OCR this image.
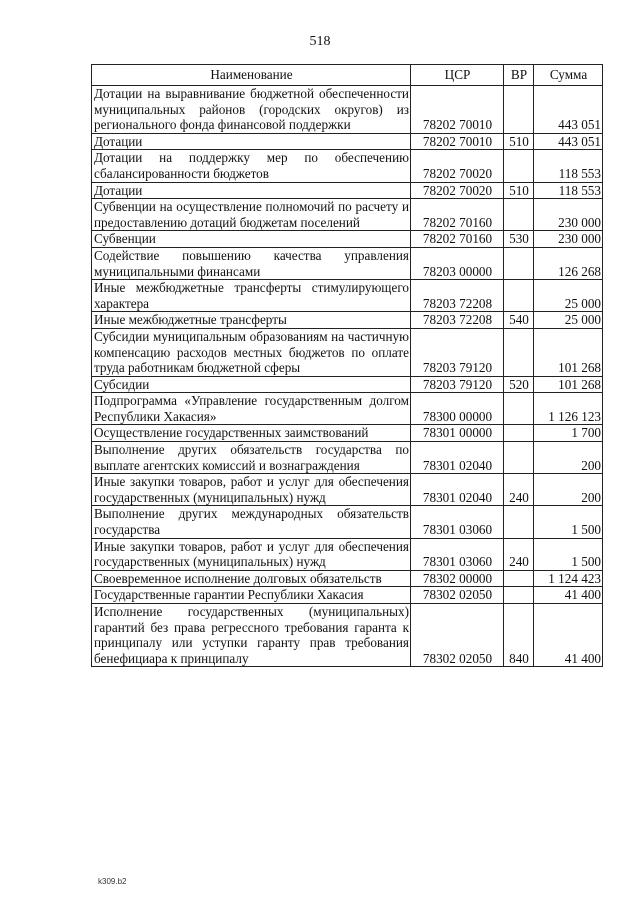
518
Наименование	ЦСР	ВР	Сумма
Дотации на выравнивание бюджетной обеспеченности муниципальных районов (городских округов) из регионального фонда финансовой поддержки	78202 70010		443 051
Дотации	78202 70010	510	443 051
Дотации на поддержку мер по обеспечению сбалансированности бюджетов	78202 70020		118 553
Дотации	78202 70020	510	118 553
Субвенции на осуществление полномочий по расчету и предоставлению дотаций бюджетам поселений	78202 70160		230 000
Субвенции	78202 70160	530	230 000
Содействие повышению качества управления муниципальными финансами	78203 00000		126 268
Иные межбюджетные трансферты стимулирующего характера	78203 72208		25 000
Иные межбюджетные трансферты	78203 72208	540	25 000
Субсидии муниципальным образованиям на частичную компенсацию расходов местных бюджетов по оплате труда работникам бюджетной сферы	78203 79120		101 268
Субсидии	78203 79120	520	101 268
Подпрограмма «Управление государственным долгом Республики Хакасия»	78300 00000		1 126 123
Осуществление государственных заимствований	78301 00000		1 700
Выполнение других обязательств государства по выплате агентских комиссий и вознаграждения	78301 02040		200
Иные закупки товаров, работ и услуг для обеспечения государственных (муниципальных) нужд	78301 02040	240	200
Выполнение других международных обязательств государства	78301 03060		1 500
Иные закупки товаров, работ и услуг для обеспечения государственных (муниципальных) нужд	78301 03060	240	1 500
Своевременное исполнение долговых обязательств	78302 00000		1 124 423
Государственные гарантии Республики Хакасия	78302 02050		41 400
Исполнение государственных (муниципальных) гарантий без права регрессного требования гаранта к принципалу или уступки гаранту прав требования бенефициара к принципалу	78302 02050	840	41 400
k309.b2
